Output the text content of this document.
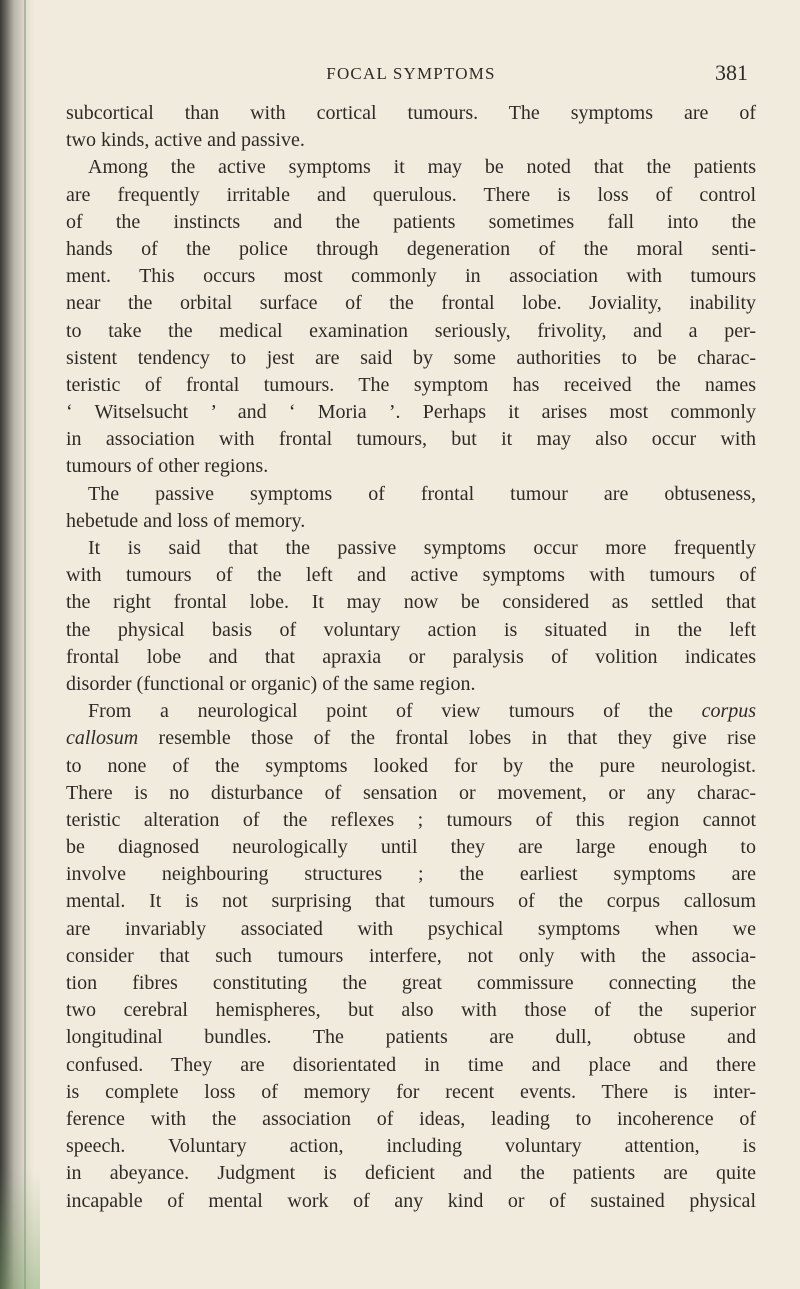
FOCAL SYMPTOMS	381
subcortical than with cortical tumours. The symptoms are of
two kinds, active and passive.
Among the active symptoms it may be noted that the patients
are frequently irritable and querulous. There is loss of control
of the instincts and the patients sometimes fall into the
hands of the police through degeneration of the moral senti-
ment. This occurs most commonly in association with tumours
near the orbital surface of the frontal lobe. Joviality, inability
to take the medical examination seriously, frivolity, and a per-
sistent tendency to jest are said by some authorities to be charac-
teristic of frontal tumours. The symptom has received the names
‘ Witselsucht ’ and ‘ Moria ’. Perhaps it arises most commonly
in association with frontal tumours, but it may also occur with
tumours of other regions.
The passive symptoms of frontal tumour are obtuseness,
hebetude and loss of memory.
It is said that the passive symptoms occur more frequently
with tumours of the left and active symptoms with tumours of
the right frontal lobe. It may now be considered as settled that
the physical basis of voluntary action is situated in the left
frontal lobe and that apraxia or paralysis of volition indicates
disorder (functional or organic) of the same region.
From a neurological point of view tumours of the corpus
callosum resemble those of the frontal lobes in that they give rise
to none of the symptoms looked for by the pure neurologist.
There is no disturbance of sensation or movement, or any charac-
teristic alteration of the reflexes ; tumours of this region cannot
be diagnosed neurologically until they are large enough to
involve neighbouring structures ; the earliest symptoms are
mental. It is not surprising that tumours of the corpus callosum
are invariably associated with psychical symptoms when we
consider that such tumours interfere, not only with the associa-
tion fibres constituting the great commissure connecting the
two cerebral hemispheres, but also with those of the superior
longitudinal bundles. The patients are dull, obtuse and
confused. They are disorientated in time and place and there
is complete loss of memory for recent events. There is inter-
ference with the association of ideas, leading to incoherence of
speech. Voluntary action, including voluntary attention, is
in abeyance. Judgment is deficient and the patients are quite
incapable of mental work of any kind or of sustained physical
